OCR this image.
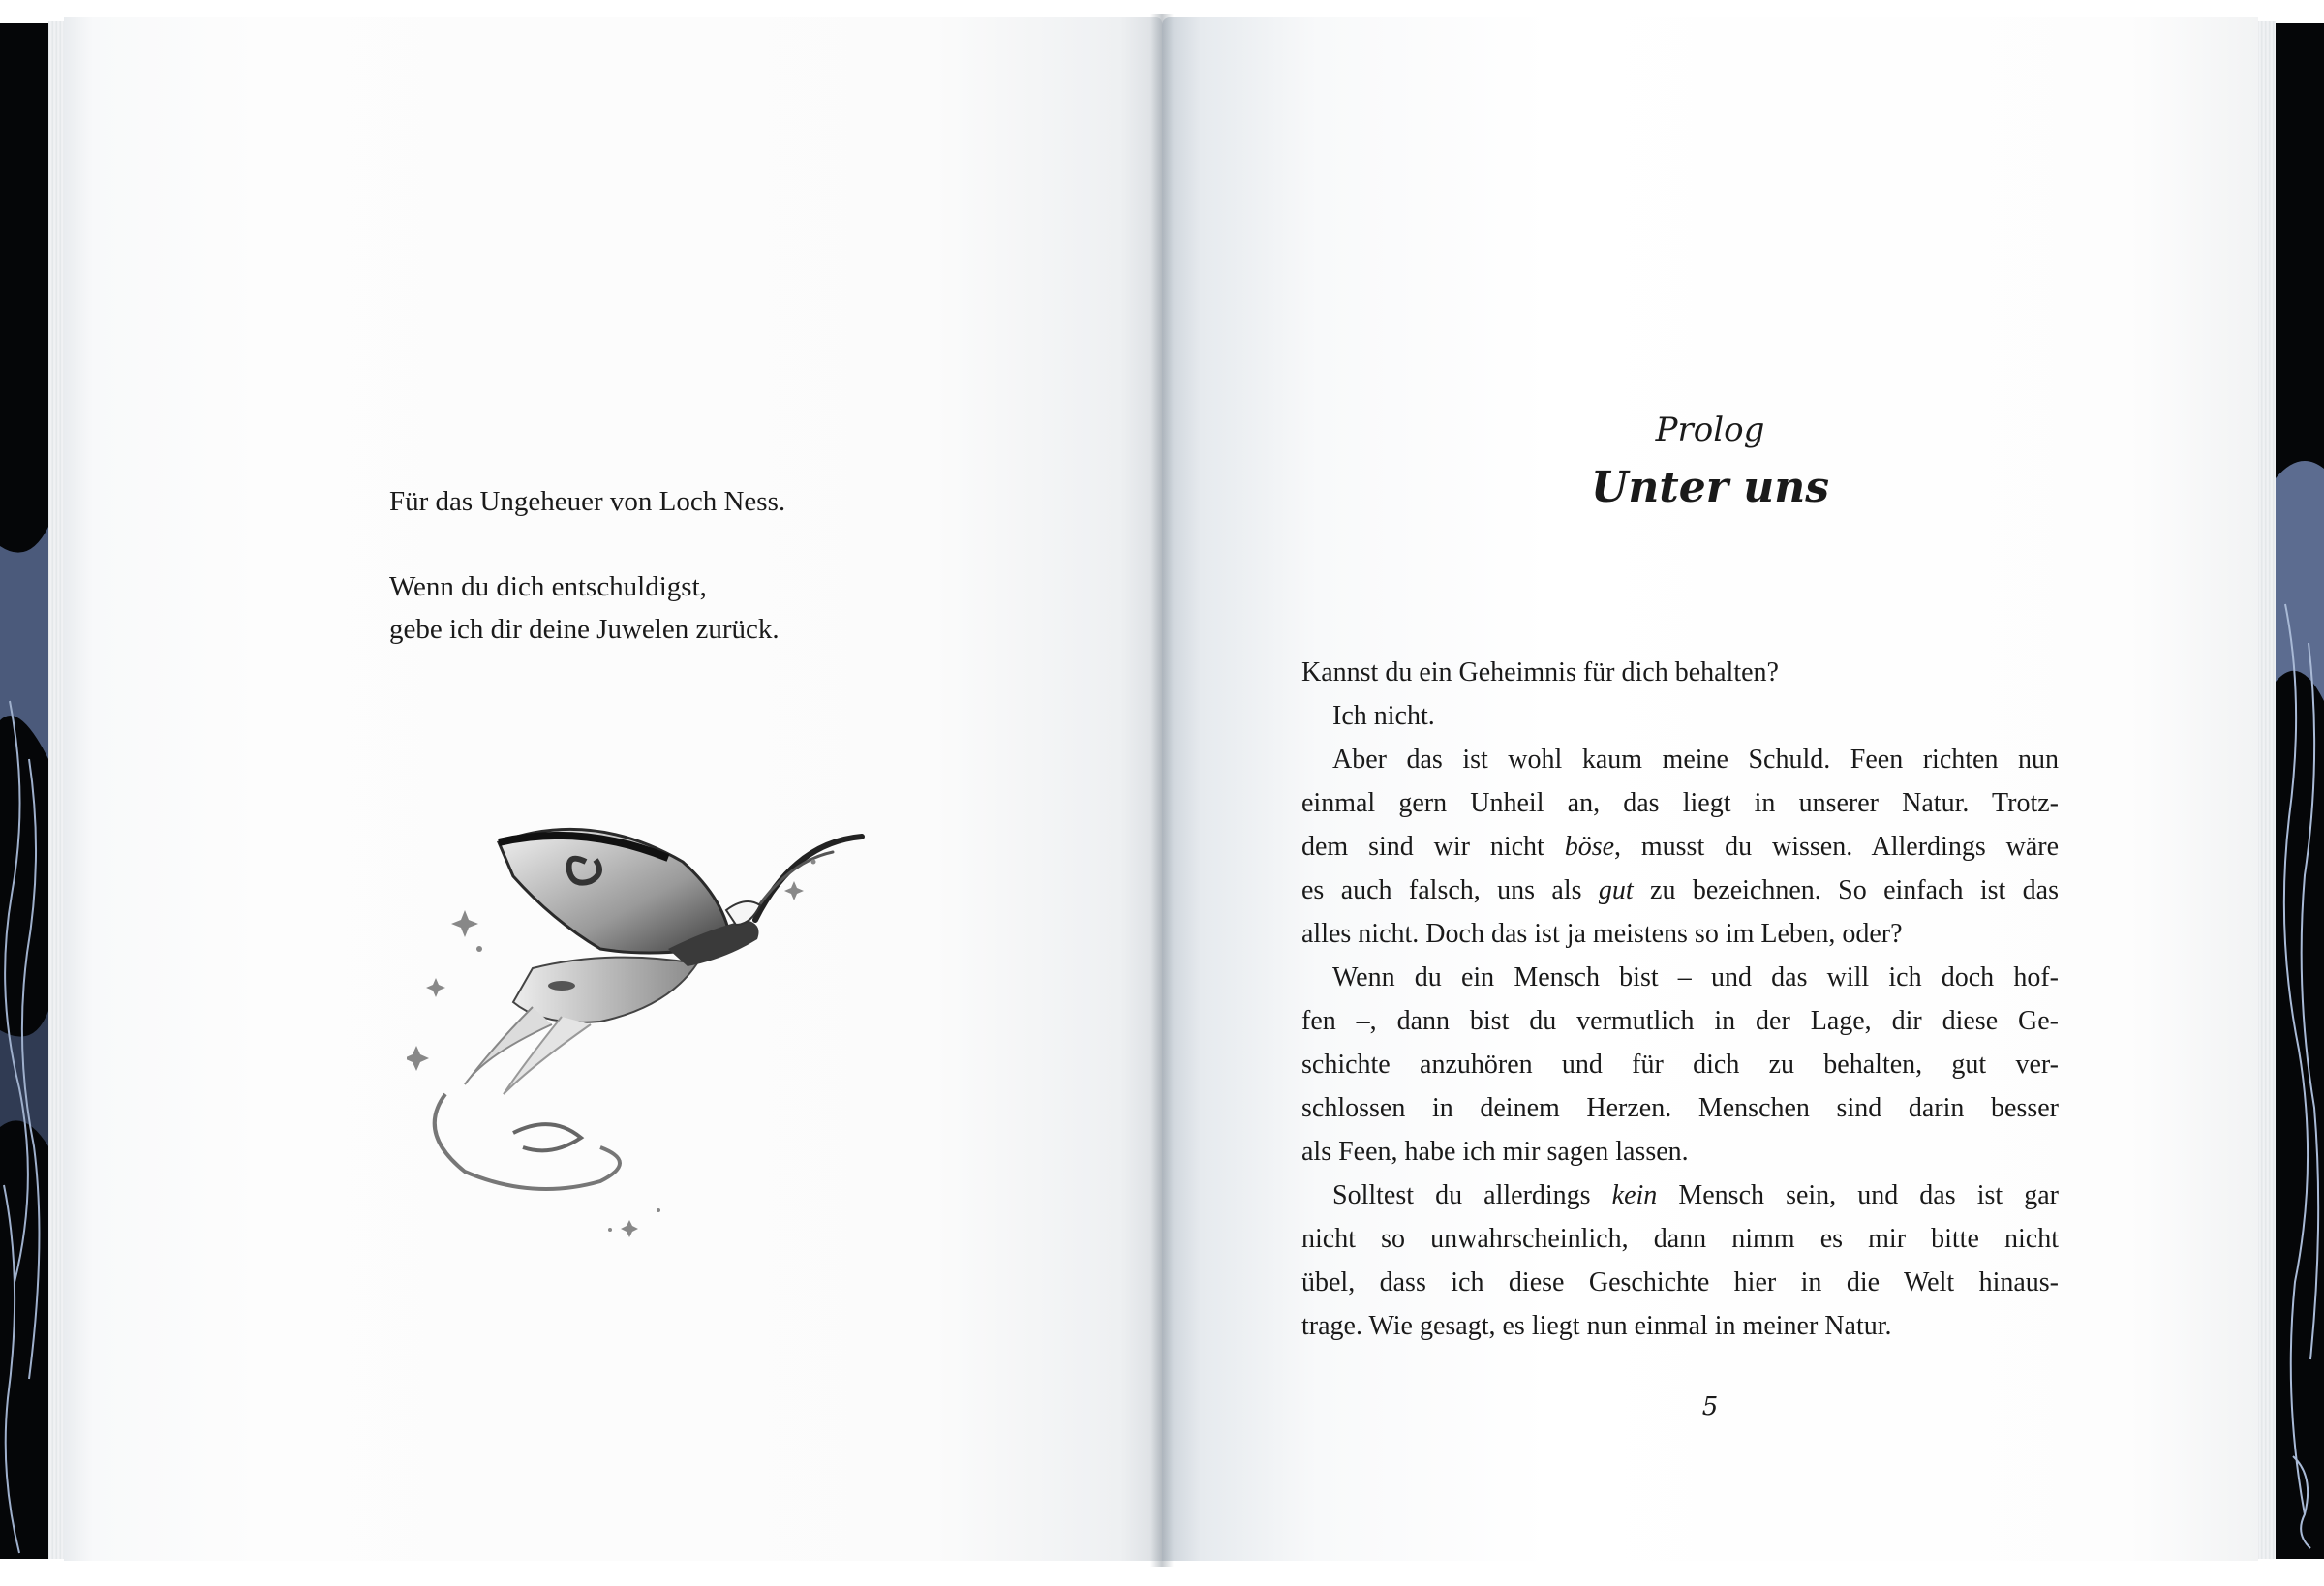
Für das Ungeheuer von Loch Ness.

Wenn du dich entschuldigst,

gebe ich dir deine Juwelen zurück.

Prolog
Unter uns
Kannst du ein Geheimnis für dich behalten?
Ich nicht.
Aber das ist wohl kaum meine Schuld. Feen richten nun
einmal gern Unheil an, das liegt in unserer Natur. Trotz-
dem sind wir nicht böse, musst du wissen. Allerdings wäre
es auch falsch, uns als gut zu bezeichnen. So einfach ist das
alles nicht. Doch das ist ja meistens so im Leben, oder?
Wenn du ein Mensch bist – und das will ich doch hof-
fen –, dann bist du vermutlich in der Lage, dir diese Ge-
schichte anzuhören und für dich zu behalten, gut ver-
schlossen in deinem Herzen. Menschen sind darin besser
als Feen, habe ich mir sagen lassen.
Solltest du allerdings kein Mensch sein, und das ist gar
nicht so unwahrscheinlich, dann nimm es mir bitte nicht
übel, dass ich diese Geschichte hier in die Welt hinaus-
trage. Wie gesagt, es liegt nun einmal in meiner Natur.
5
